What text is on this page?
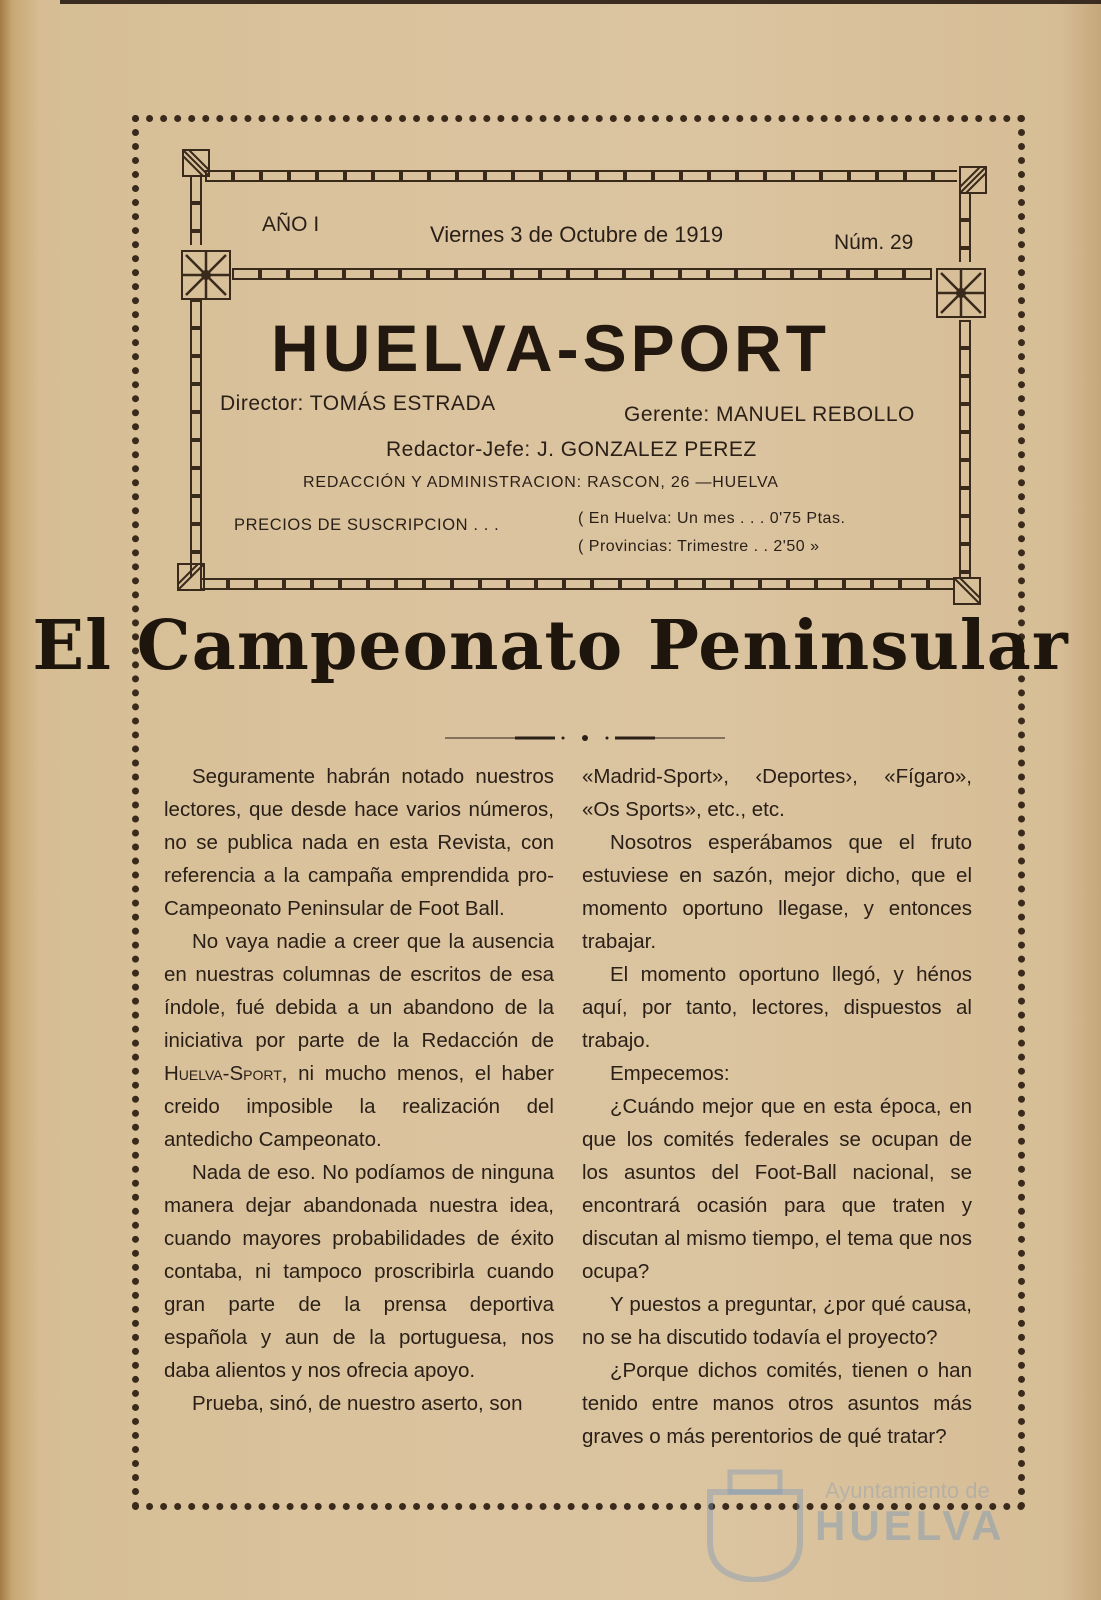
AÑO I	Viernes 3 de Octubre de 1919	Núm. 29
HUELVA-SPORT
Director: TOMÁS ESTRADA	Gerente: MANUEL REBOLLO
Redactor-Jefe: J. GONZALEZ PEREZ
REDACCIÓN Y ADMINISTRACION: RASCON, 26 —HUELVA
PRECIOS DE SUSCRIPCION . . .	( En Huelva: Un mes . . . 0'75 Ptas.
( Provincias: Trimestre . . 2'50 »
El Campeonato Peninsular

Seguramente habrán notado nuestros lectores, que desde hace varios números, no se publica nada en esta Revista, con referencia a la campaña emprendida pro-Campeonato Peninsular de Foot Ball.

No vaya nadie a creer que la ausencia en nuestras columnas de escritos de esa índole, fué debida a un abandono de la iniciativa por parte de la Redacción de Huelva-Sport, ni mucho menos, el haber creido imposible la realización del antedicho Campeonato.

Nada de eso. No podíamos de ninguna manera dejar abandonada nuestra idea, cuando mayores probabilidades de éxito contaba, ni tampoco proscribirla cuando gran parte de la prensa deportiva española y aun de la portuguesa, nos daba alientos y nos ofrecia apoyo.

Prueba, sinó, de nuestro aserto, son

«Madrid-Sport», ‹Deportes›, «Fígaro», «Os Sports», etc., etc.

Nosotros esperábamos que el fruto estuviese en sazón, mejor dicho, que el momento oportuno llegase, y entonces trabajar.

El momento oportuno llegó, y hénos aquí, por tanto, lectores, dispuestos al trabajo.

Empecemos:

¿Cuándo mejor que en esta época, en que los comités federales se ocupan de los asuntos del Foot-Ball nacional, se encontrará ocasión para que traten y discutan al mismo tiempo, el tema que nos ocupa?

Y puestos a preguntar, ¿por qué causa, no se ha discutido todavía el proyecto?

¿Porque dichos comités, tienen o han tenido entre manos otros asuntos más graves o más perentorios de qué tratar?

Ayuntamiento de
HUELVA
